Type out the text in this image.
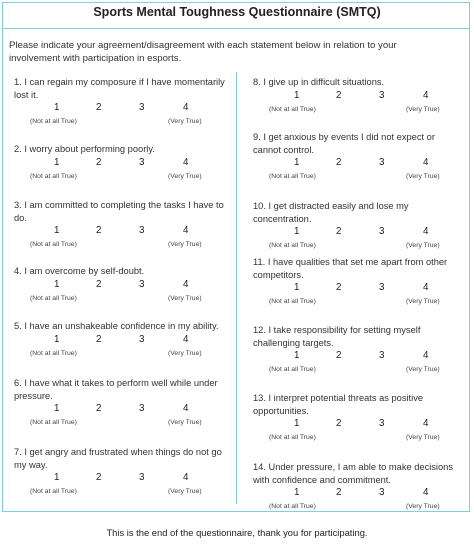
Sports Mental Toughness Questionnaire (SMTQ)
Please indicate your agreement/disagreement with each statement below in relation to your involvement with participation in esports.
1. I can regain my composure if I have momentarily lost it.
1	2	3	4
(Not at all True)	(Very True)
2. I worry about performing poorly.
1	2	3	4
(Not at all True)	(Very True)
3. I am committed to completing the tasks I have to do.
1	2	3	4
(Not at all True)	(Very True)
4. I am overcome by self-doubt.
1	2	3	4
(Not at all True)	(Very True)
5. I have an unshakeable confidence in my ability.
1	2	3	4
(Not at all True)	(Very True)
6. I have what it takes to perform well while under pressure.
1	2	3	4
(Not at all True)	(Very True)
7. I get angry and frustrated when things do not go my way.
1	2	3	4
(Not at all True)	(Very True)
8. I give up in difficult situations.
1	2	3	4
(Not at all True)	(Very True)
9. I get anxious by events I did not expect or cannot control.
1	2	3	4
(Not at all True)	(Very True)
10. I get distracted easily and lose my concentration.
1	2	3	4
(Not at all True)	(Very True)
11. I have qualities that set me apart from other competitors.
1	2	3	4
(Not at all True)	(Very True)
12. I take responsibility for setting myself challenging targets.
1	2	3	4
(Not at all True)	(Very True)
13. I interpret potential threats as positive opportunities.
1	2	3	4
(Not at all True)	(Very True)
14. Under pressure, I am able to make decisions with confidence and commitment.
1	2	3	4
(Not at all True)	(Very True)
This is the end of the questionnaire, thank you for participating.
